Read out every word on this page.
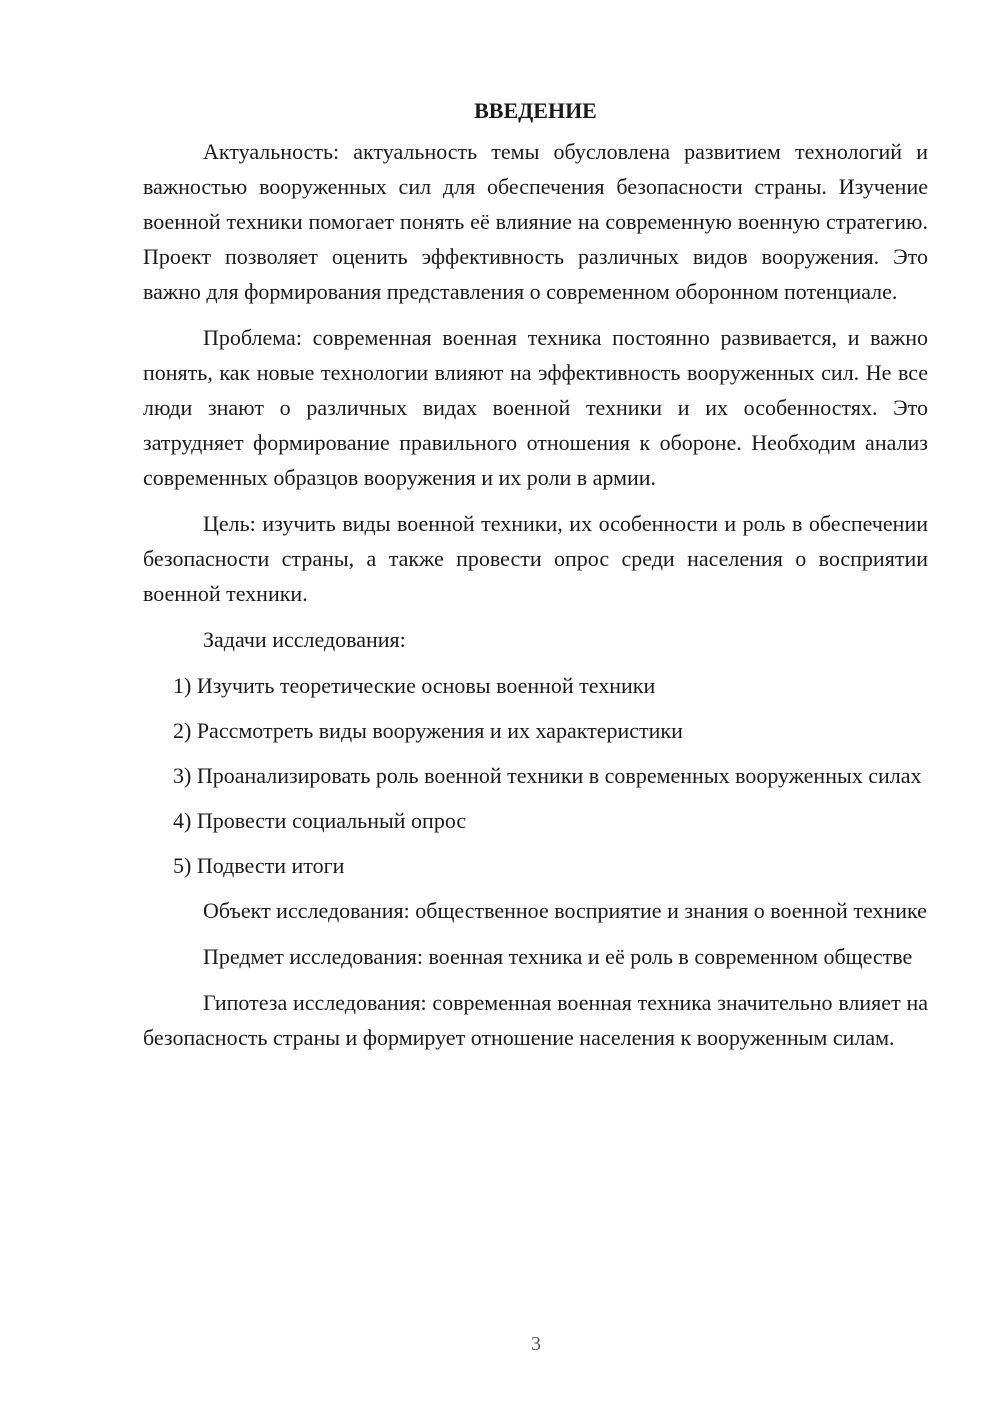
ВВЕДЕНИЕ

Актуальность: актуальность темы обусловлена развитием технологий и важностью вооруженных сил для обеспечения безопасности страны. Изучение военной техники помогает понять её влияние на современную военную стратегию. Проект позволяет оценить эффективность различных видов вооружения. Это важно для формирования представления о современном оборонном потенциале.

Проблема: современная военная техника постоянно развивается, и важно понять, как новые технологии влияют на эффективность вооруженных сил. Не все люди знают о различных видах военной техники и их особенностях. Это затрудняет формирование правильного отношения к обороне. Необходим анализ современных образцов вооружения и их роли в армии.

Цель: изучить виды военной техники, их особенности и роль в обеспечении безопасности страны, а также провести опрос среди населения о восприятии военной техники.

Задачи исследования:

1) Изучить теоретические основы военной техники

2) Рассмотреть виды вооружения и их характеристики

3) Проанализировать роль военной техники в современных вооруженных силах

4) Провести социальный опрос

5) Подвести итоги

Объект исследования: общественное восприятие и знания о военной технике

Предмет исследования: военная техника и её роль в современном обществе

Гипотеза исследования: современная военная техника значительно влияет на безопасность страны и формирует отношение населения к вооруженным силам.

3
